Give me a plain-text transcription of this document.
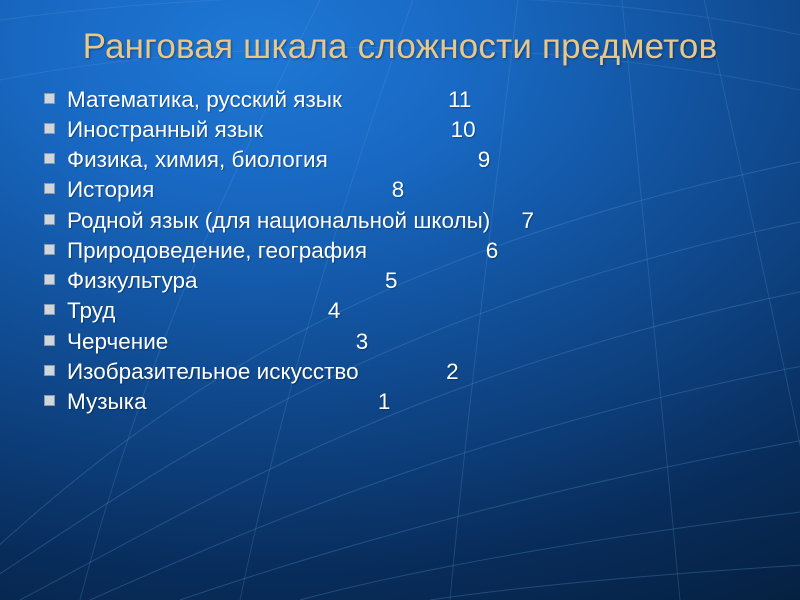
Ранговая шкала сложности предметов
Математика, русский язык                 11
Иностранный язык                              10
Физика, химия, биология                        9
История                                      8
Родной язык (для национальной школы)     7
Природоведение, география                   6
Физкультура                              5
Труд                                  4
Черчение                              3
Изобразительное искусство              2
Музыка                                     1
